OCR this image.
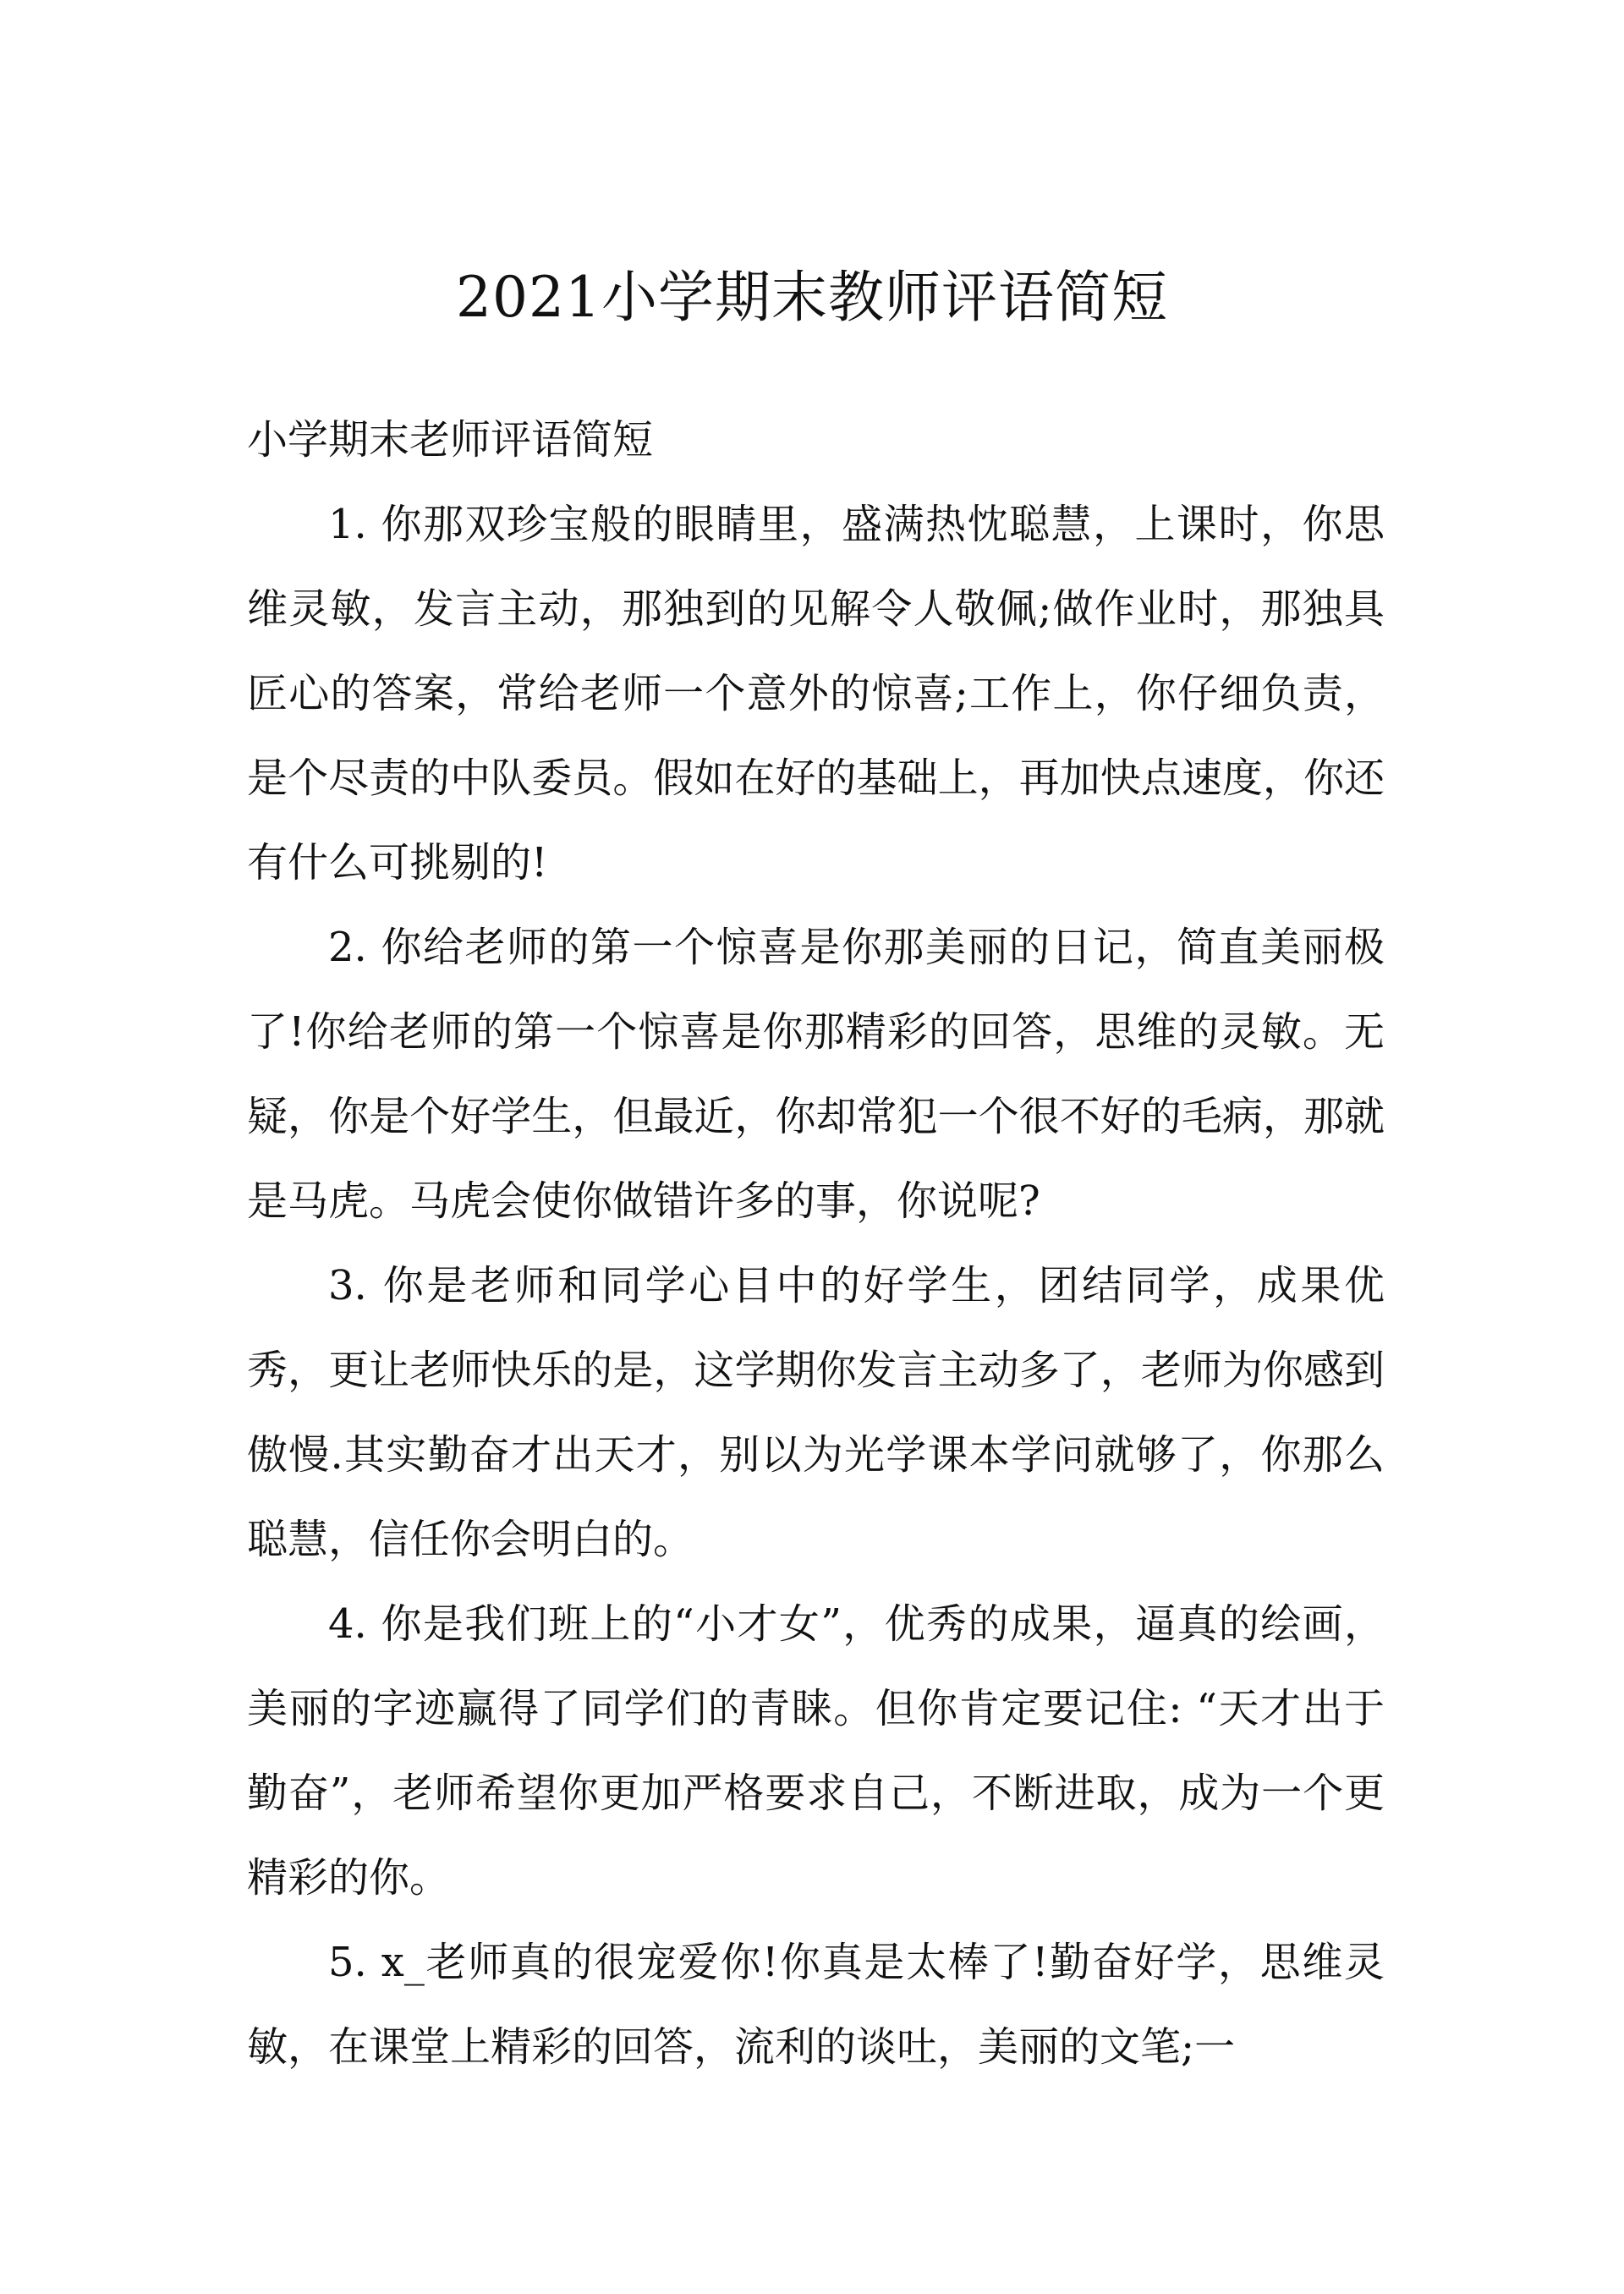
2021小学期末教师评语简短

小学期末老师评语简短

1. 你那双珍宝般的眼睛里，盛满热忱聪慧，上课时，你思维灵敏，发言主动，那独到的见解令人敬佩;做作业时，那独具匠心的答案，常给老师一个意外的惊喜;工作上，你仔细负责，是个尽责的中队委员。假如在好的基础上，再加快点速度，你还有什么可挑剔的!

2. 你给老师的第一个惊喜是你那美丽的日记，简直美丽极了!你给老师的第一个惊喜是你那精彩的回答，思维的灵敏。无疑，你是个好学生，但最近，你却常犯一个很不好的毛病，那就是马虎。马虎会使你做错许多的事，你说呢?

3. 你是老师和同学心目中的好学生，团结同学，成果优秀，更让老师快乐的是，这学期你发言主动多了，老师为你感到傲慢.其实勤奋才出天才，别以为光学课本学问就够了，你那么聪慧，信任你会明白的。

4. 你是我们班上的“小才女”，优秀的成果，逼真的绘画，美丽的字迹赢得了同学们的青睐。但你肯定要记住: “天才出于勤奋”，老师希望你更加严格要求自己，不断进取，成为一个更精彩的你。

5. x_老师真的很宠爱你!你真是太棒了!勤奋好学，思维灵敏，在课堂上精彩的回答，流利的谈吐，美丽的文笔;一
